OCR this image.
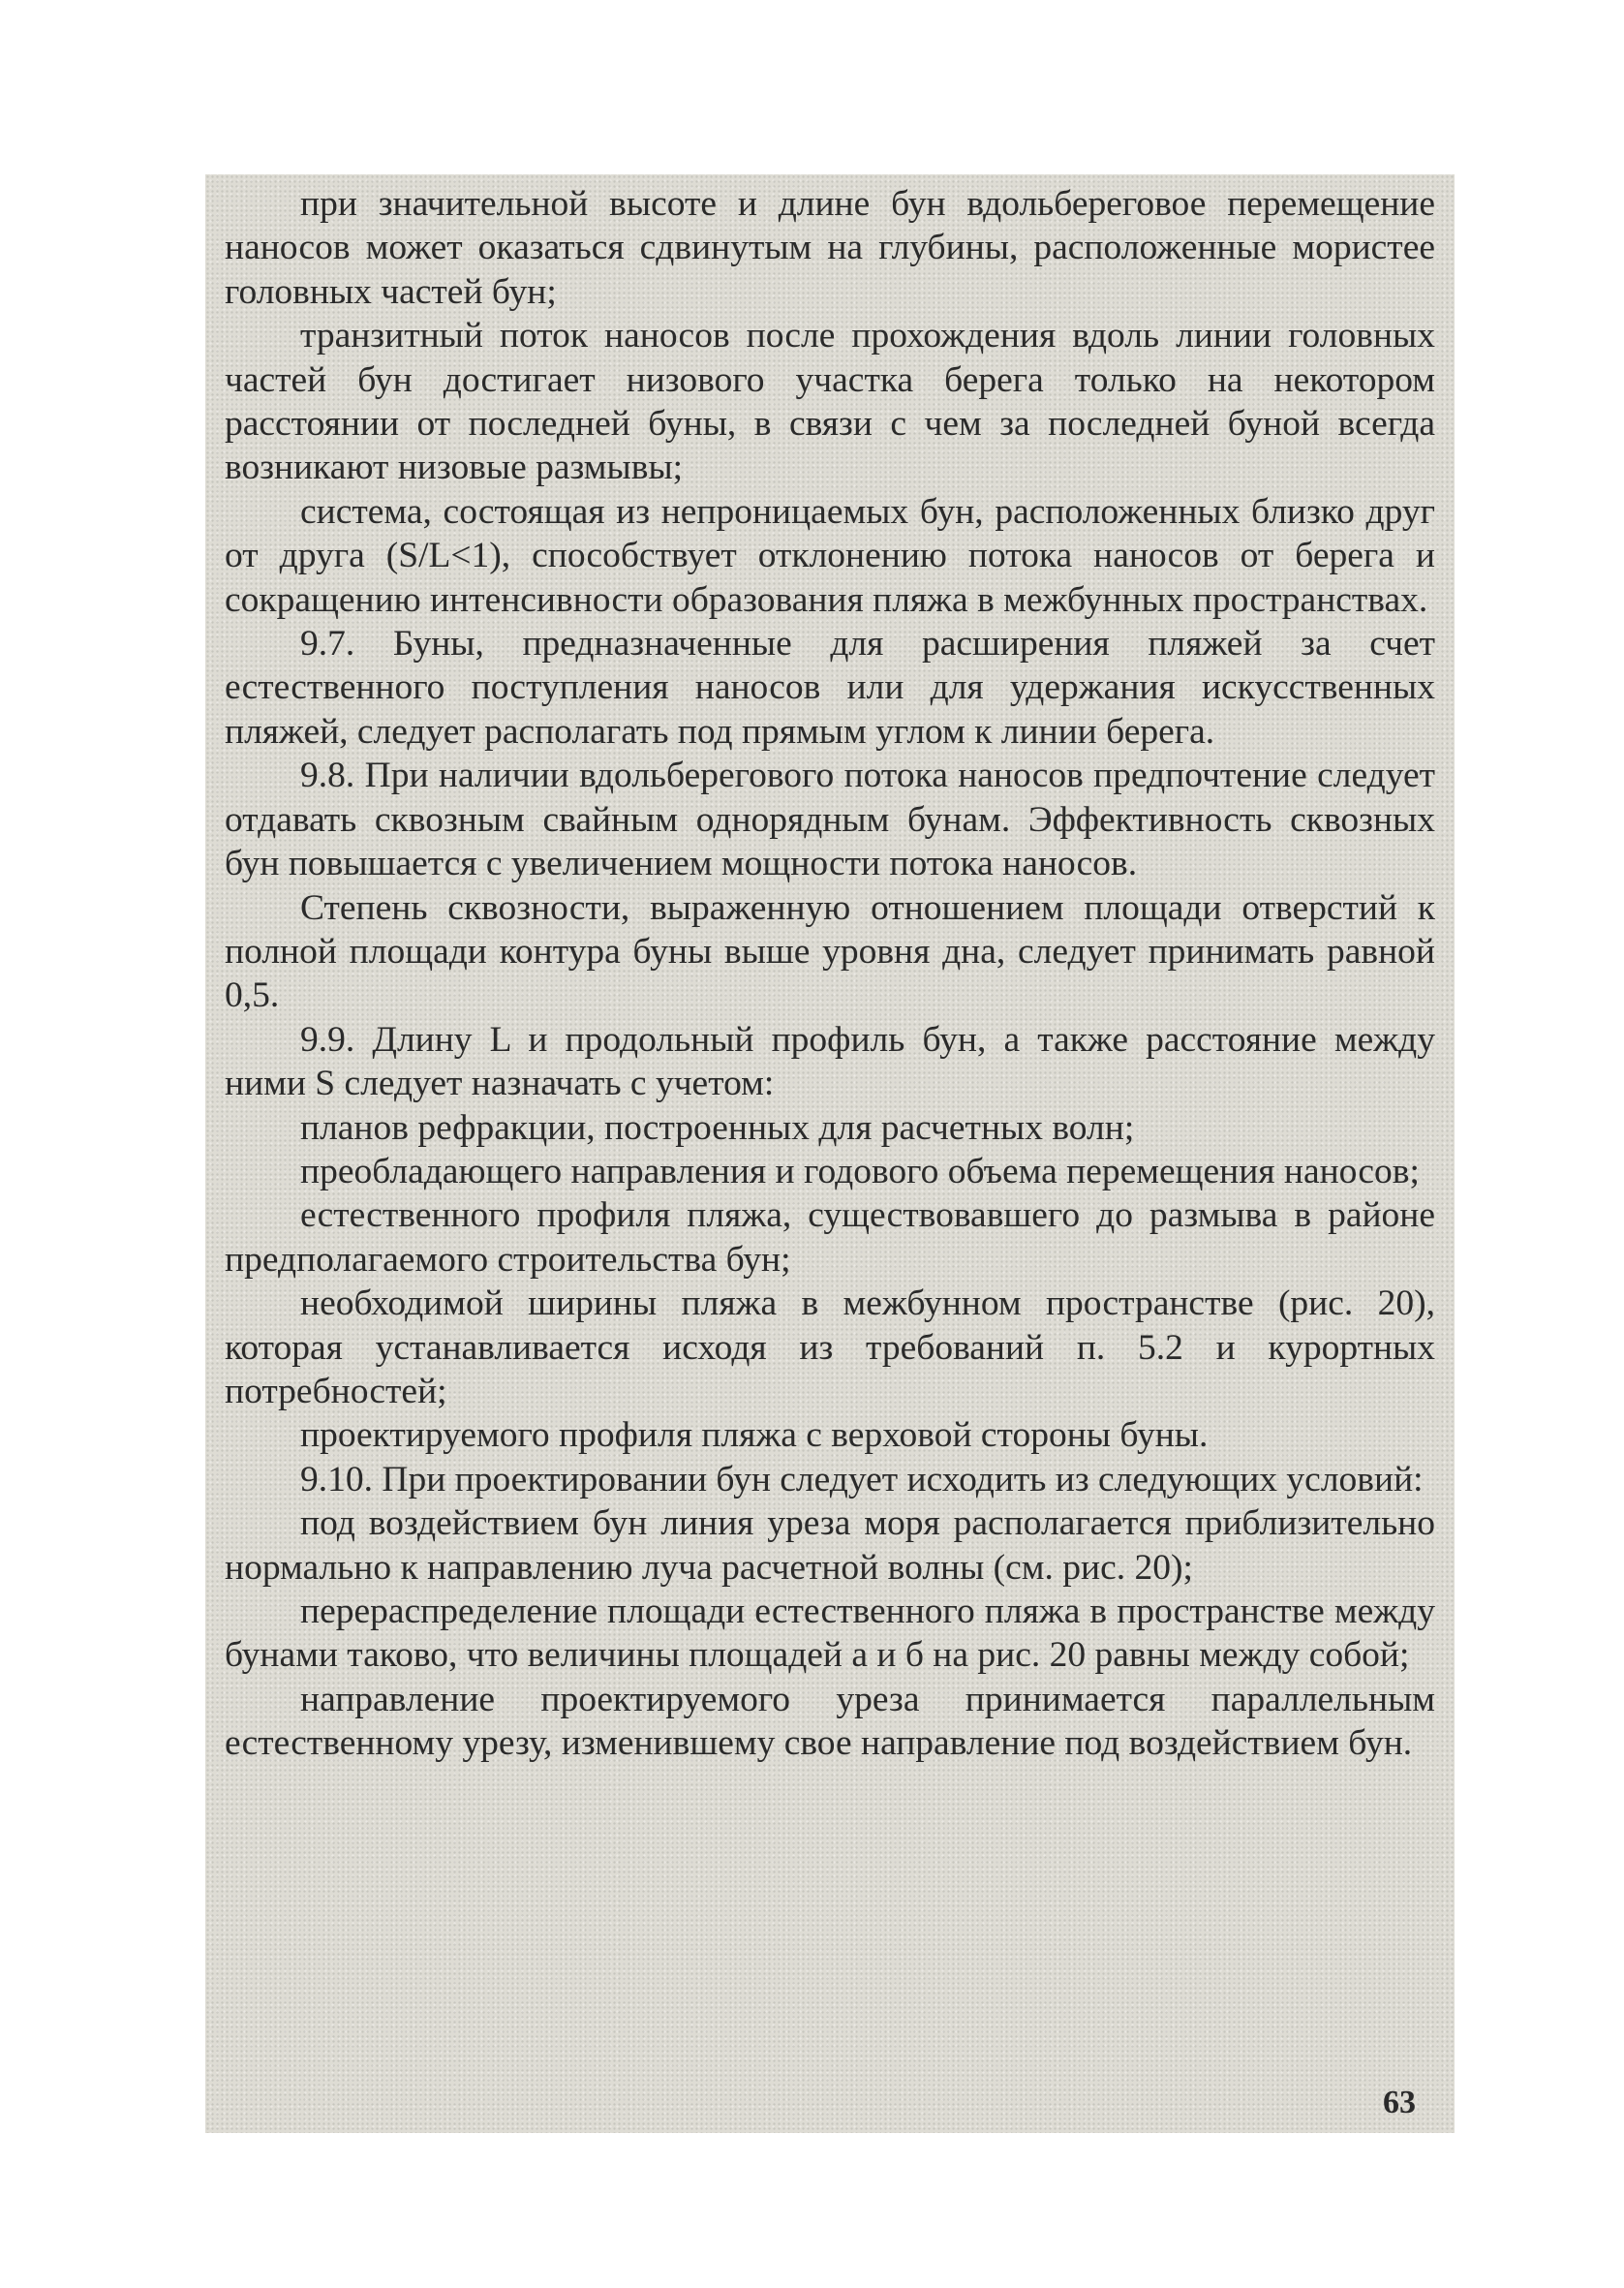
при значительной высоте и длине бун вдольбереговое перемещение наносов может оказаться сдвинутым на глубины, расположенные мористее головных частей бун;

транзитный поток наносов после прохождения вдоль линии головных частей бун достигает низового участка берега только на некотором расстоянии от последней буны, в связи с чем за последней буной всегда возникают низовые размывы;

система, состоящая из непроницаемых бун, расположенных близко друг от друга (S/L<1), способствует отклонению потока наносов от берега и сокращению интенсивности образования пляжа в межбунных пространствах.

9.7. Буны, предназначенные для расширения пляжей за счет естественного поступления наносов или для удержания искусственных пляжей, следует располагать под прямым углом к линии берега.

9.8. При наличии вдольберегового потока наносов предпочтение следует отдавать сквозным свайным однорядным бунам. Эффективность сквозных бун повышается с увеличением мощности потока наносов.

Степень сквозности, выраженную отношением площади отверстий к полной площади контура буны выше уровня дна, следует принимать равной 0,5.

9.9. Длину L и продольный профиль бун, а также расстояние между ними S следует назначать с учетом:

планов рефракции, построенных для расчетных волн;

преобладающего направления и годового объема перемещения наносов;

естественного профиля пляжа, существовавшего до размыва в районе предполагаемого строительства бун;

необходимой ширины пляжа в межбунном пространстве (рис. 20), которая устанавливается исходя из требований п. 5.2 и курортных потребностей;

проектируемого профиля пляжа с верховой стороны буны.

9.10. При проектировании бун следует исходить из следующих условий:

под воздействием бун линия уреза моря располагается приблизительно нормально к направлению луча расчетной волны (см. рис. 20);

перераспределение площади естественного пляжа в пространстве между бунами таково, что величины площадей a и б на рис. 20 равны между собой;

направление проектируемого уреза принимается параллельным естественному урезу, изменившему свое направление под воздействием бун.

63
